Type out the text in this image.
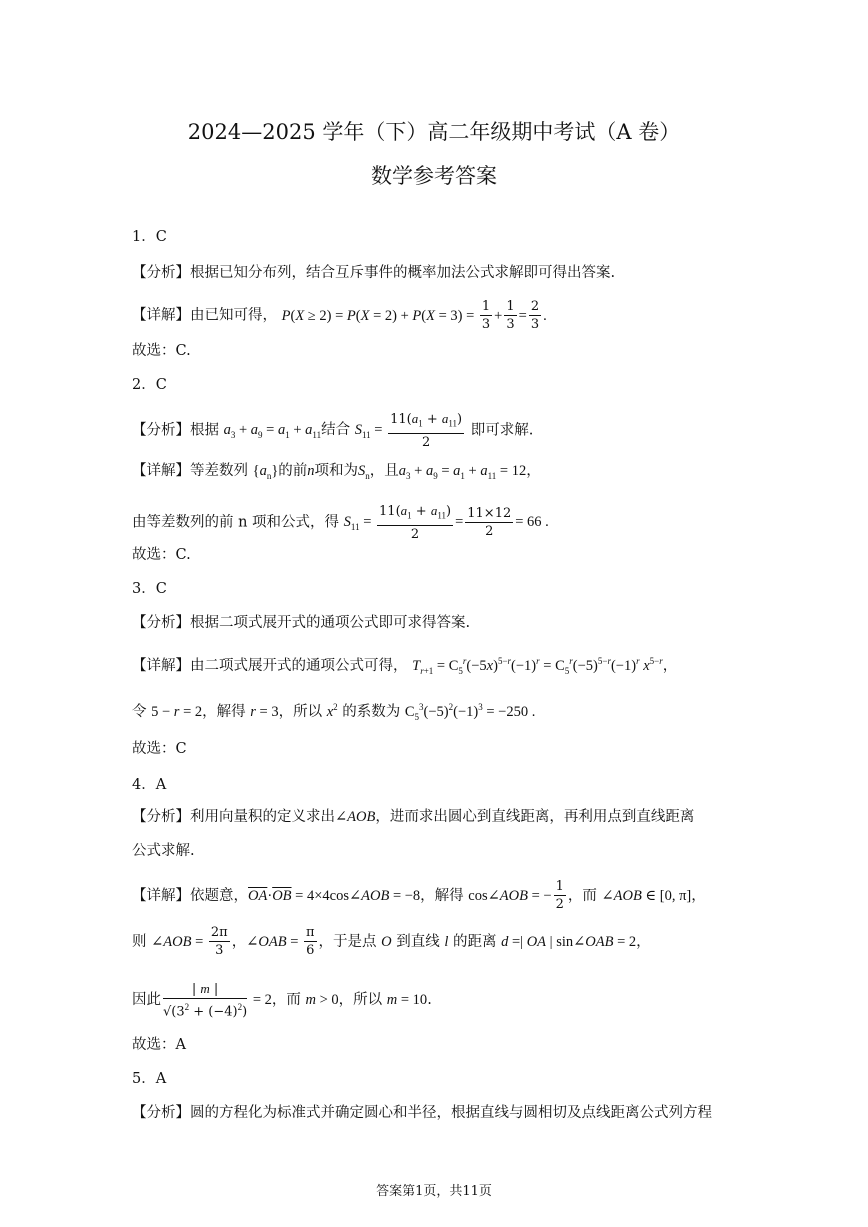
2024—2025 学年（下）高二年级期中考试（A 卷）
数学参考答案
1．C
【分析】根据已知分布列，结合互斥事件的概率加法公式求解即可得出答案.
【详解】由已知可得， $P(X \ge 2) = P(X = 2) + P(X = 3) = \frac{1}{3} + \frac{1}{3} = \frac{2}{3}$ .
故选：C.
2．C
【分析】根据 $a_3 + a_9 = a_1 + a_{11}$结合 $S_{11} = \frac{11(a_1 + a_{11})}{2}$ 即可求解.
【详解】等差数列 $\{a_n\}$的前n项和为$S_n$，且$a_3 + a_9 = a_1 + a_{11} = 12$，
由等差数列的前 n 项和公式，得 $S_{11} = \frac{11(a_1 + a_{11})}{2} = \frac{11\times 12}{2} = 66$ .
故选：C.
3．C
【分析】根据二项式展开式的通项公式即可求得答案.
【详解】由二项式展开式的通项公式可得， $T_{r+1} = C_5^r(-5x)^{5-r}(-1)^r = C_5^r(-5)^{5-r}(-1)^r$ $x^{5-r}$，
令 5 − r = 2，解得 r = 3，所以 $x^2$ 的系数为 $C_5^3(-5)^2(-1)^3 = -250$ .
故选：C
4．A
【分析】利用向量积的定义求出∠AOB，进而求出圆心到直线距离，再利用点到直线距离
公式求解.
【详解】依题意，$\overline{OA}\cdot\overline{OB}$ = 4×4cos∠AOB = −8，解得 cos∠AOB = − $\frac{1}{2}$ ，而 ∠AOB ∈ [0, π]，
则 ∠AOB = $\frac{2\pi}{3}$ ，∠OAB = $\frac{\pi}{6}$ ，于是点 O 到直线 l 的距离 d =| OA | sin∠OAB = 2，
因此 $\frac{| m |}{√(3^2 + (-4)^2)} = 2$，而 m > 0，所以 m = 10.
故选：A
5．A
【分析】圆的方程化为标准式并确定圆心和半径，根据直线与圆相切及点线距离公式列方程
答案第1页，共11页
